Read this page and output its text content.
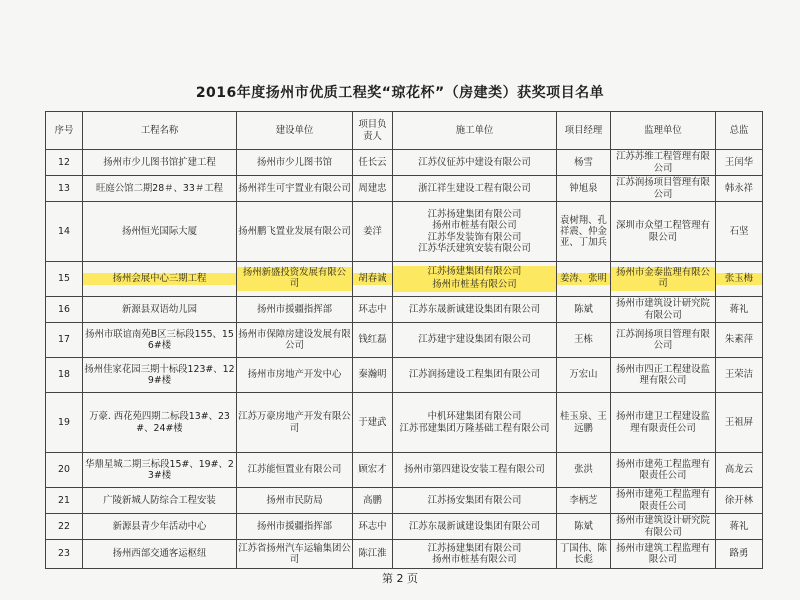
2016年度扬州市优质工程奖“琼花杯”（房建类）获奖项目名单
序号	工程名称	建设单位	项目负责人	施工单位	项目经理	监理单位	总监
12	扬州市少儿图书馆扩建工程	扬州市少儿图书馆	任长云	江苏仪征苏中建设有限公司	杨雪	江苏苏维工程管理有限公司	王闰华
13	旺庭公馆二期28＃、33＃工程	扬州祥生可宇置业有限公司	周建忠	浙江祥生建设工程有限公司	钟旭泉	江苏润扬项目管理有限公司	韩永祥
14	扬州恒光国际大厦	扬州鹏飞置业发展有限公司	姜洋	江苏扬建集团有限公司
扬州市桩基有限公司
江苏华发装饰有限公司
江苏华沃建筑安装有限公司	袁树翔、孔祥震、仲金亚、丁加兵	深圳市众望工程管理有限公司	石坚
15	扬州会展中心三期工程	扬州新盛投资发展有限公司	胡春诚	江苏扬建集团有限公司
扬州市桩基有限公司	姜涛、张明	扬州市金泰监理有限公司	张玉梅

16	新源县双语幼儿园	扬州市援疆指挥部	环志中	江苏东晟新诚建设集团有限公司	陈斌	扬州市建筑设计研究院有限公司	蒋礼
17	扬州市联谊南苑B区三标段155、156#楼	扬州市保障房建设发展有限公司	钱红磊	江苏建宇建设集团有限公司	王栋	江苏润扬项目管理有限公司	朱素萍
18	扬州佳家花园三期十标段123#、129#楼	扬州市房地产开发中心	秦瀚明	江苏润扬建设工程集团有限公司	万宏山	扬州市四正工程建设监理有限公司	王荣洁
19	万豪. 西花苑四期二标段13#、23#、24#楼	江苏万豪房地产开发有限公司	于建武	中机环建集团有限公司
江苏邗建集团万隆基础工程有限公司	桂玉泉、王远鹏	扬州市建卫工程建设监理有限责任公司	王祖屏
20	华鼎星城二期三标段15#、19#、23#楼	江苏能恒置业有限公司	顾宏才	扬州市第四建设安装工程有限公司	张洪	扬州市建苑工程监理有限责任公司	高龙云
21	广陵新城人防综合工程安装	扬州市民防局	高鹏	江苏扬安集团有限公司	李柄芝	扬州市建苑工程监理有限责任公司	徐开林
22	新源县青少年活动中心	扬州市援疆指挥部	环志中	江苏东晟新诚建设集团有限公司	陈斌	扬州市建筑设计研究院有限公司	蒋礼
23	扬州西部交通客运枢纽	江苏省扬州汽车运输集团公司	陈江淮	江苏扬建集团有限公司
扬州市桩基有限公司	丁国伟、陈长彪	扬州市建筑工程监理有限公司	路勇
第 2 页
